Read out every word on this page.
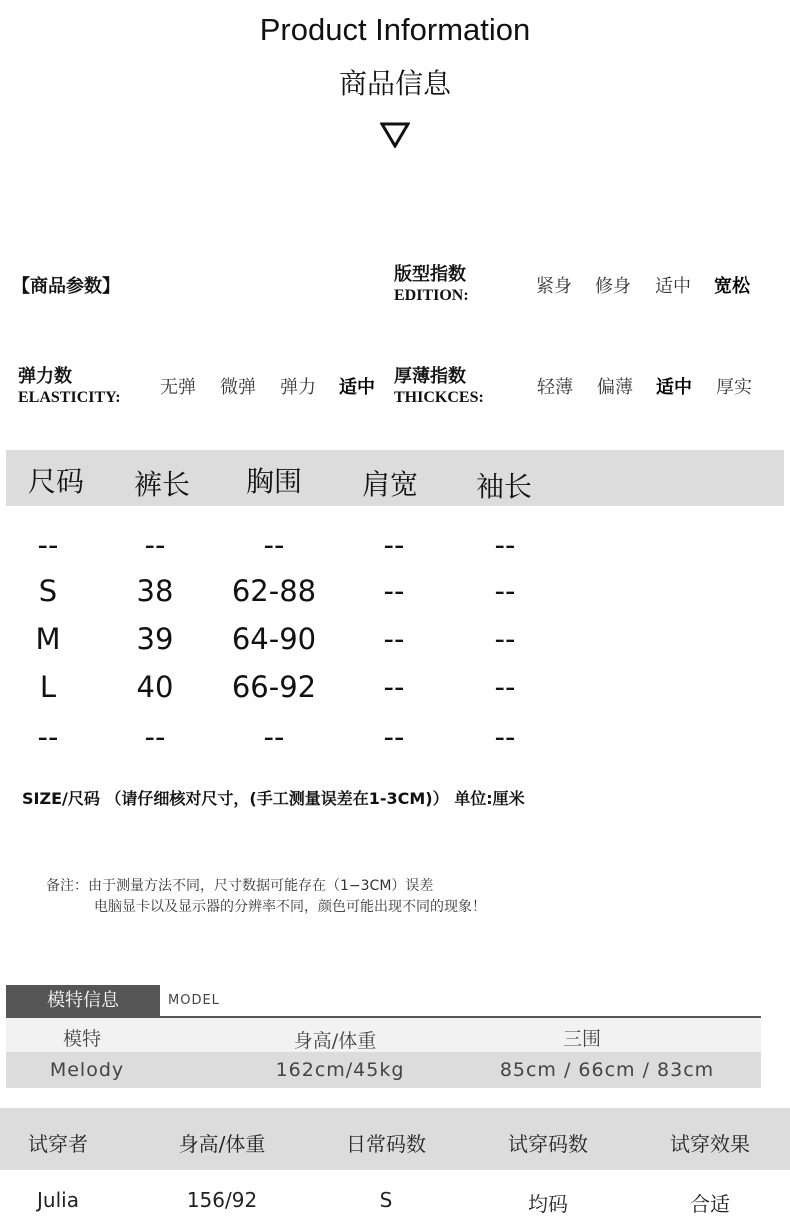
Product Information
商品信息
【商品参数】
版型指数
EDITION:	紧身 修身 适中 宽松
弹力数
ELASTICITY: 无弹 微弹 弹力 适中
厚薄指数
THICKCES:	轻薄 偏薄 适中 厚实
尺码 裤长 胸围 肩宽 袖长
--	--	--	--	--
S	38	62-88	--	--
M	39	64-90	--	--
L	40	66-92	--	--
--	--	--	--	--
SIZE/尺码 （请仔细核对尺寸，(手工测量误差在1-3CM)） 单位:厘米
备注：由于测量方法不同，尺寸数据可能存在（1−3CM）误差
电脑显卡以及显示器的分辨率不同，颜色可能出现不同的现象！
模特信息	MODEL
模特	身高/体重	三围
Melody	162cm/45kg	85cm / 66cm / 83cm
试穿者	身高/体重	日常码数	试穿码数	试穿效果
Julia	156/92	S	均码	合适
